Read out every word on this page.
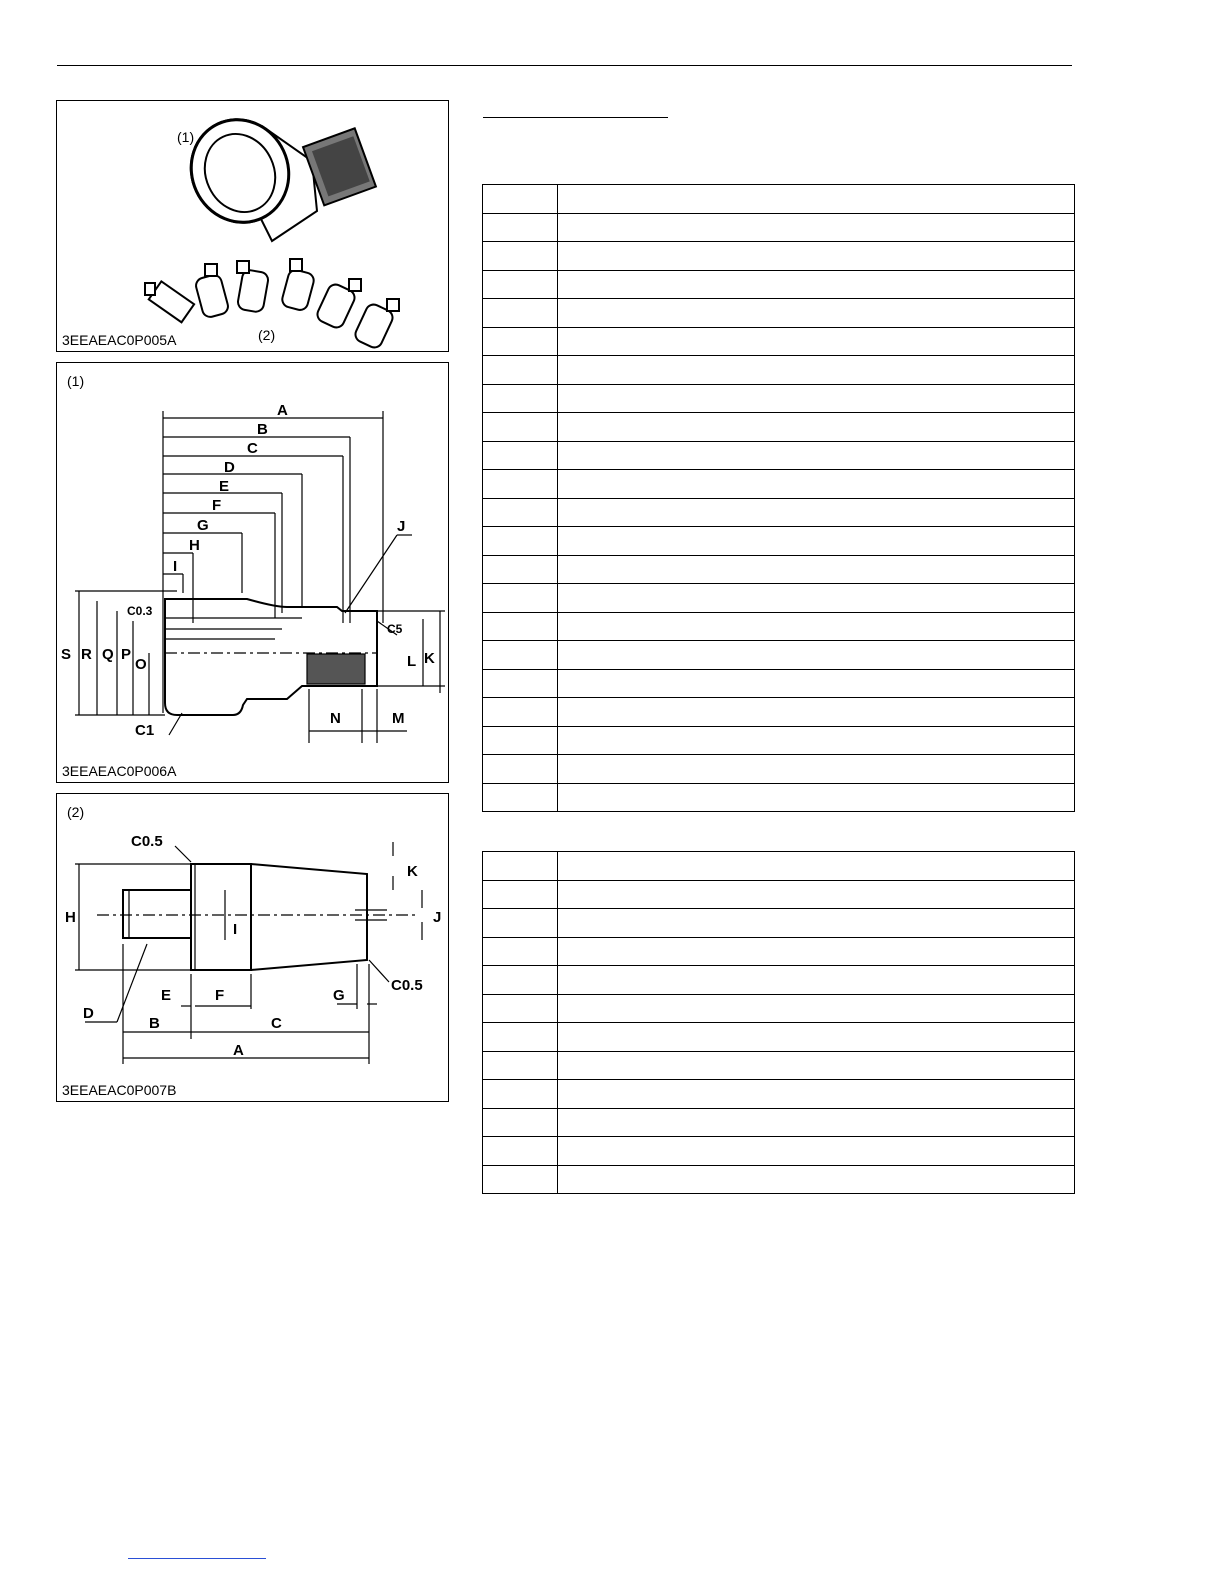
(1)
(2)
3EEAEAC0P005A
(1)
A
B
C
D
E
F
G
H
I
J
C0.3
C5
S R Q P
O	L K
N	M
C1
3EEAEAC0P006A
(2)
C0.5
K
H
I
J
C0.5
E	F	G
D
B	C
A
3EEAEAC0P007B
